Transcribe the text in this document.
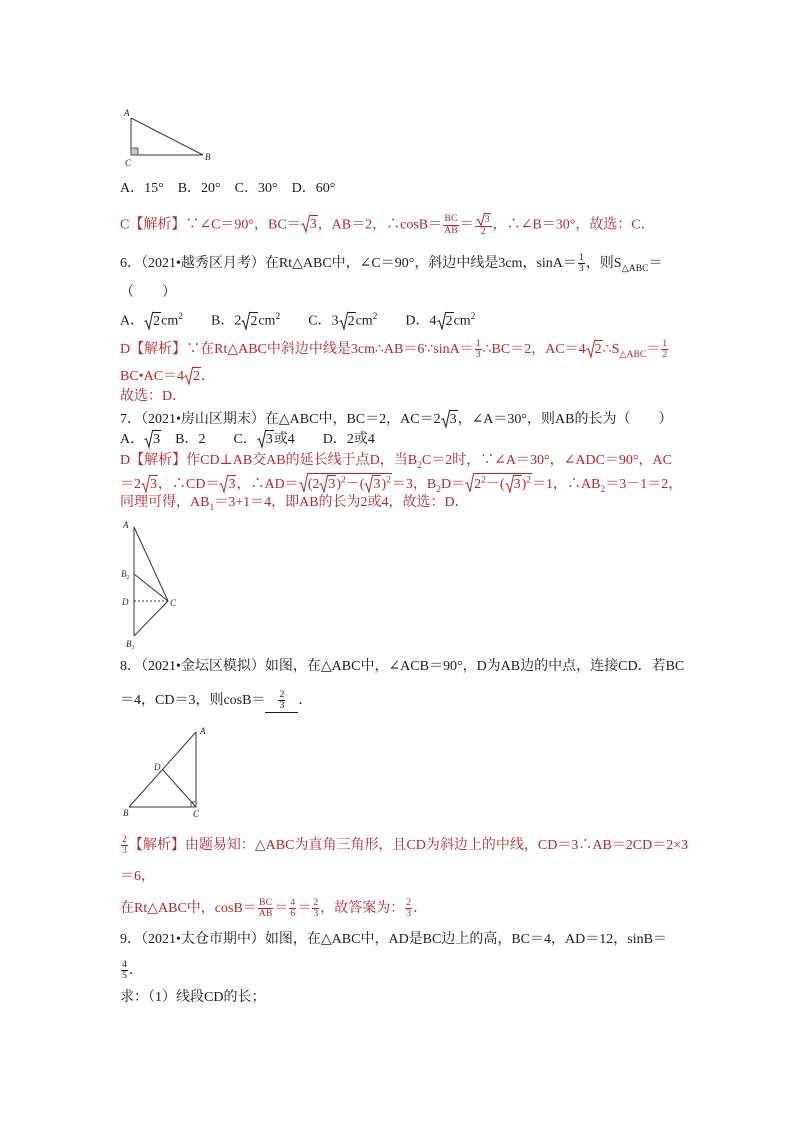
A
C
B
A．15°　B．20°　C．30°　D．60°
C【解析】∵∠C＝90°，BC＝ 3，AB＝2，∴cosB＝ $\frac{BC}{AB} = \frac{3}{2}$ ，∴∠B＝30°，故选：C．
6．（2021•越秀区月考）在Rt△ABC中，∠C＝90°，斜边中线是3cm，$\sin A= \frac{1}{3}$ ，则$S_{\triangle ABC}=$
（　　）
A． $2cm^2$　　B．2 $2cm^2$　　C．3 $2cm^2$　　D．4 $2cm^2$
D【解析】∵在Rt△ABC中斜边中线是3cm∴AB＝6∵sinA＝ $\frac{1}{3}$ ∴BC＝2，AC＝4 $2\therefore S_{\triangle ABC}= \frac{1}{2}$
BC•AC＝4 2．
故选：D．
7．（2021•房山区期末）在△ABC中，BC＝2，AC＝2 3，∠A＝30°，则AB的长为（　　）
A． 3　B．2　　C． 3或4　　D．2或4
D【解析】作CD⊥AB交AB的延长线于点D，当$B_2C=2$时，∵∠A＝30°，∠ADC＝90°，AC
＝2 3，∴CD＝ 3，∴AD＝ (2 3)$^2$－( 3)$^2$＝3，$B_2D= 2^2-$( 3)$^2$＝1，$\therefore AB_2=3-1=2$，
同理可得，$AB_1=3+1=4$，即AB的长为2或4，故选：D．
A
$B_2$
D	C
$B_1$
8．（2021•金坛区模拟）如图，在△ABC中，∠ACB＝90°，D为AB边的中点，连接CD．若BC
＝4，CD＝3，则$\cos B= \frac{2}{3}$ ．
A
B	C
D
$\frac{2}{3}$ 【解析】由题易知：△ABC为直角三角形，且CD为斜边上的中线，CD＝3∴AB＝2CD＝2×3
＝6，
在Rt△ABC中，$\cos B= \frac{BC}{AB} = \frac{4}{6} = \frac{2}{3}$ ，故答案为： $\frac{2}{3}$ ．
9．（2021•太仓市期中）如图，在△ABC中，AD是BC边上的高，BC＝4，AD＝12，sinB＝
$\frac{4}{5}$ ．
求：（1）线段CD的长；
